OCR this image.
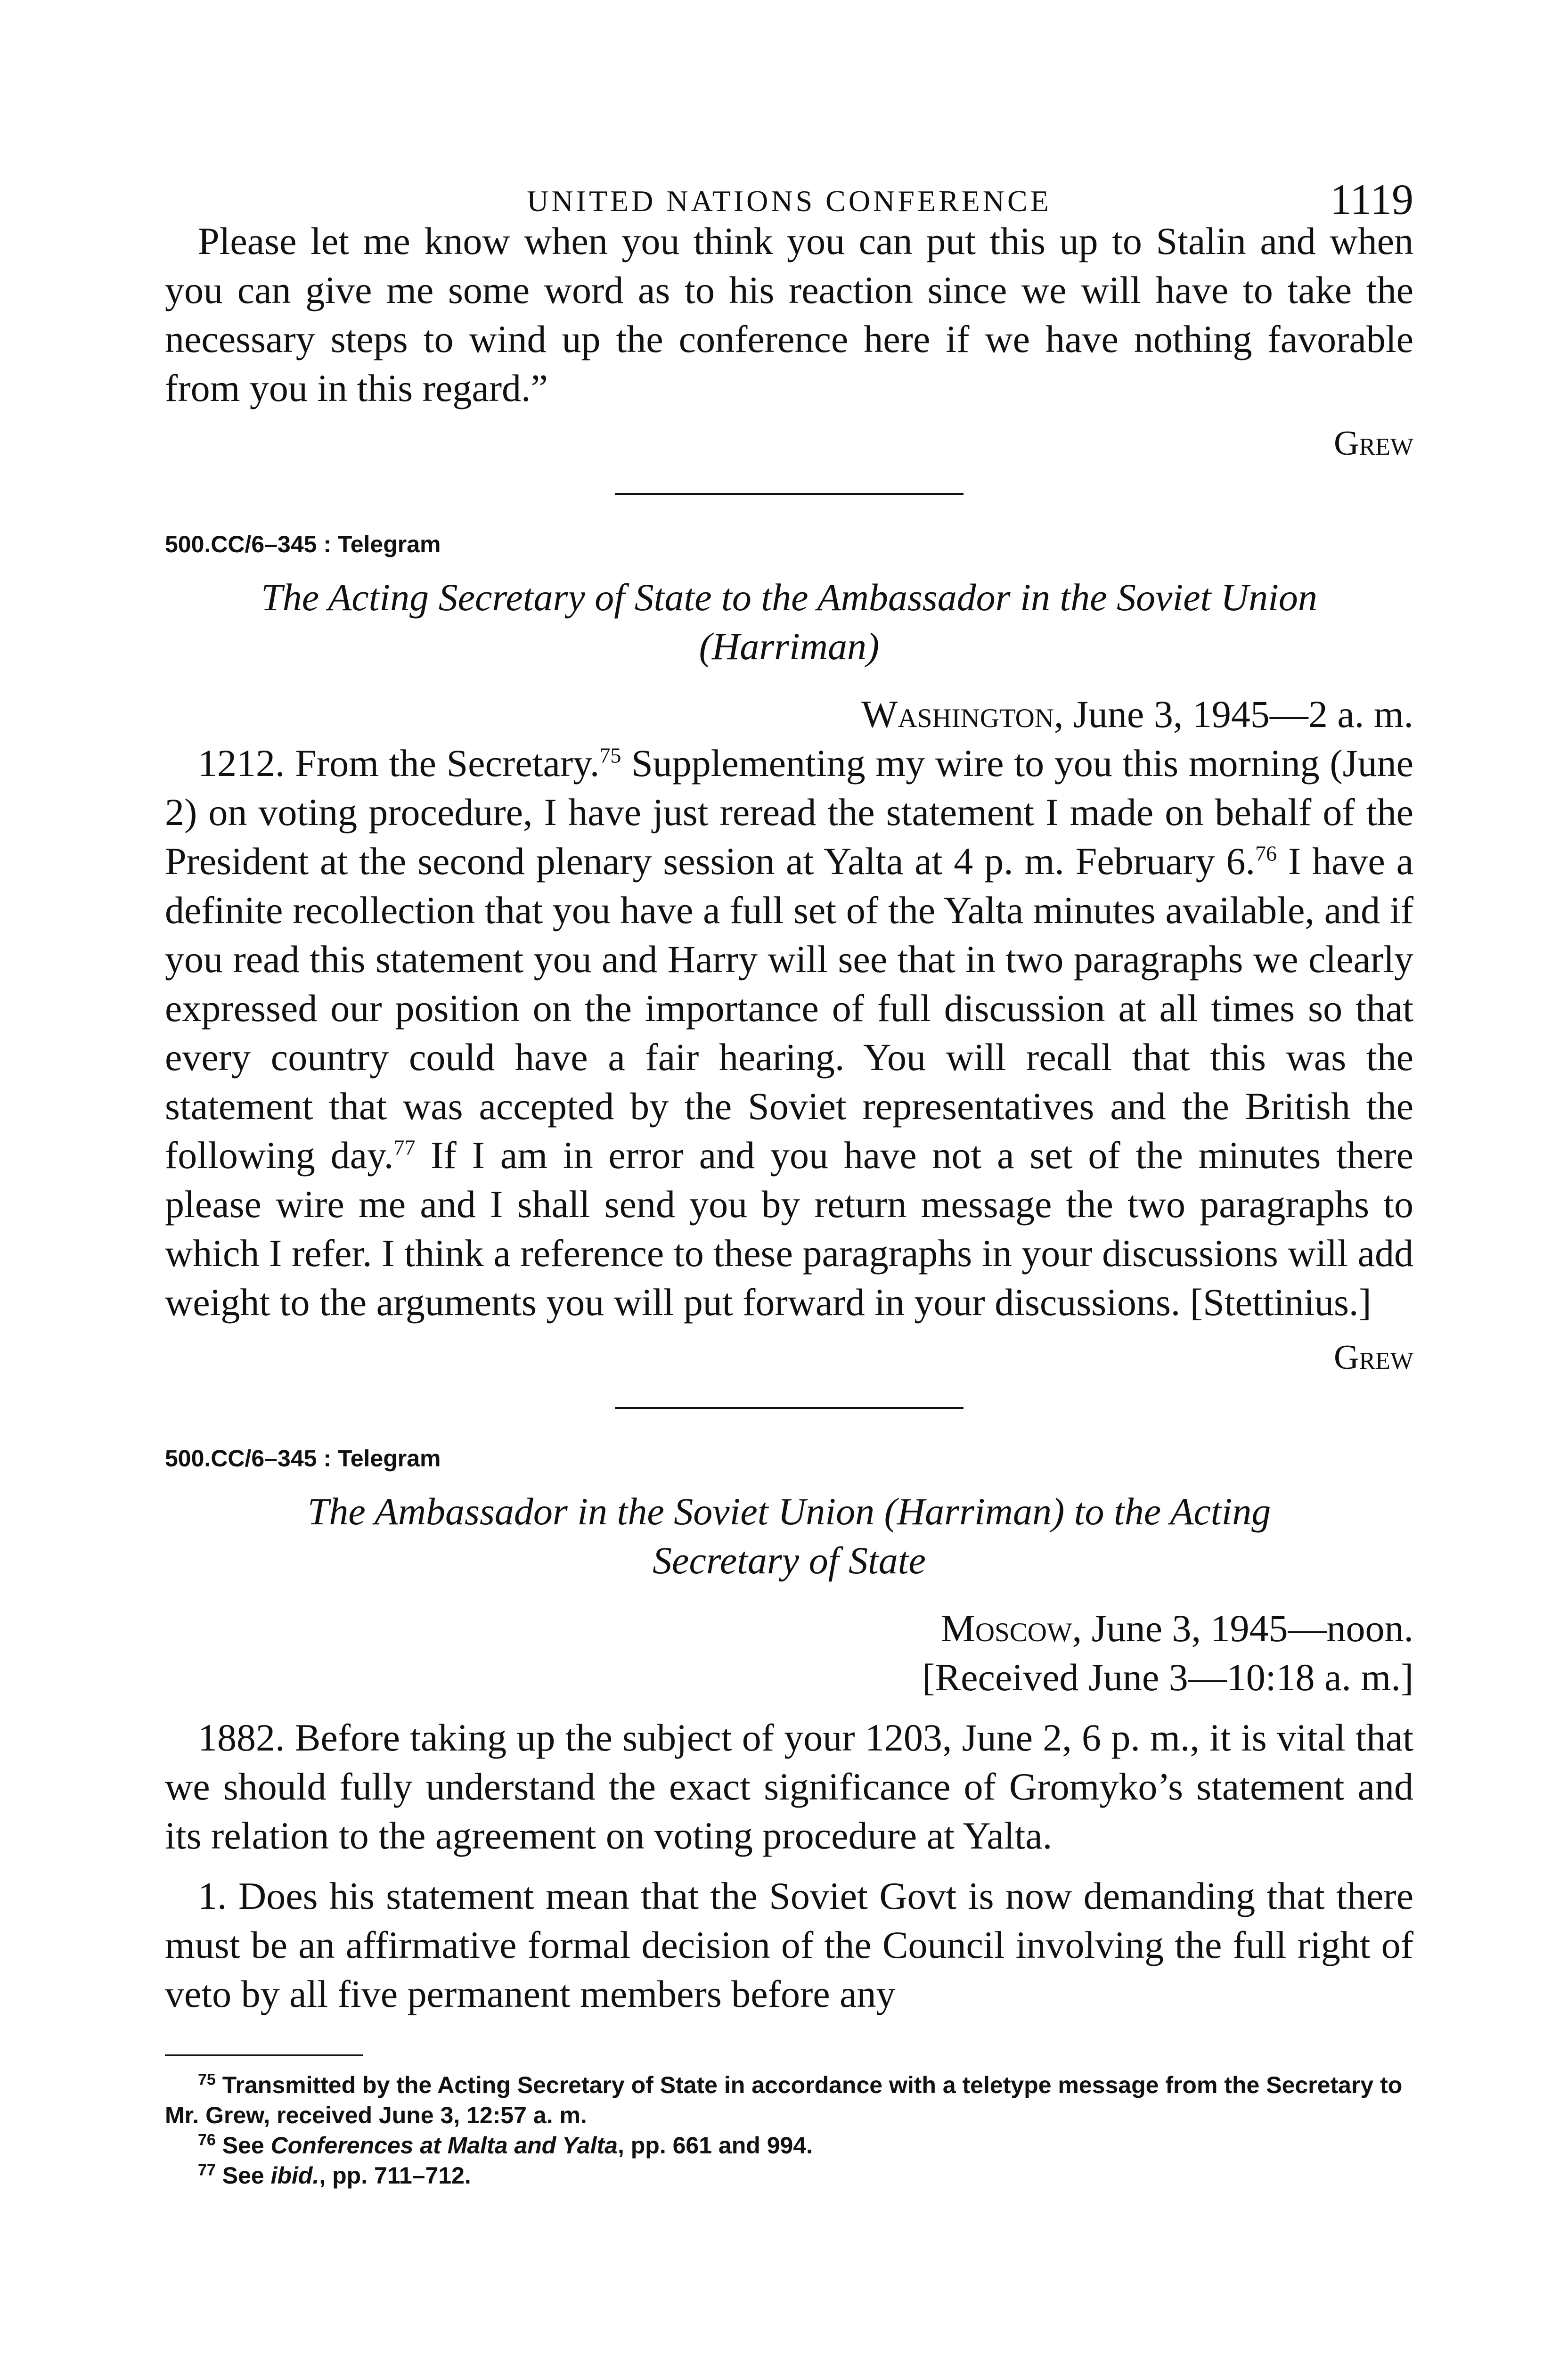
UNITED NATIONS CONFERENCE	1119

Please let me know when you think you can put this up to Stalin and when you can give me some word as to his reaction since we will have to take the necessary steps to wind up the conference here if we have nothing favorable from you in this regard.”

Grew
500.CC/6–345 : Telegram
The Acting Secretary of State to the Ambassador in the Soviet Union
(Harriman)
Washington, June 3, 1945—2 a. m.

1212. From the Secretary.$^{75}$ Supplementing my wire to you this morning (June 2) on voting procedure, I have just reread the statement I made on behalf of the President at the second plenary session at Yalta at 4 p. m. February 6.76 I have a definite recollection that you have a full set of the Yalta minutes available, and if you read this statement you and Harry will see that in two paragraphs we clearly expressed our position on the importance of full discussion at all times so that every country could have a fair hearing. You will recall that this was the statement that was accepted by the Soviet representatives and the British the following day.$^{77}$ If I am in error and you have not a set of the minutes there please wire me and I shall send you by return message the two paragraphs to which I refer. I think a reference to these paragraphs in your discussions will add weight to the arguments you will put forward in your discussions. [Stettinius.]

Grew
500.CC/6–345 : Telegram
The Ambassador in the Soviet Union (Harriman) to the Acting
Secretary of State
Moscow, June 3, 1945—noon.
[Received June 3—10:18 a. m.]

1882. Before taking up the subject of your 1203, June 2, 6 p. m., it is vital that we should fully understand the exact significance of Gromyko’s statement and its relation to the agreement on voting procedure at Yalta.

1. Does his statement mean that the Soviet Govt is now demanding that there must be an affirmative formal decision of the Council involving the full right of veto by all five permanent members before any

$^{75}$ Transmitted by the Acting Secretary of State in accordance with a teletype message from the Secretary to Mr. Grew, received June 3, 12:57 a. m.

$^{76}$ See Conferences at Malta and Yalta, pp. 661 and 994.

$^{77}$ See ibid., pp. 711–712.
